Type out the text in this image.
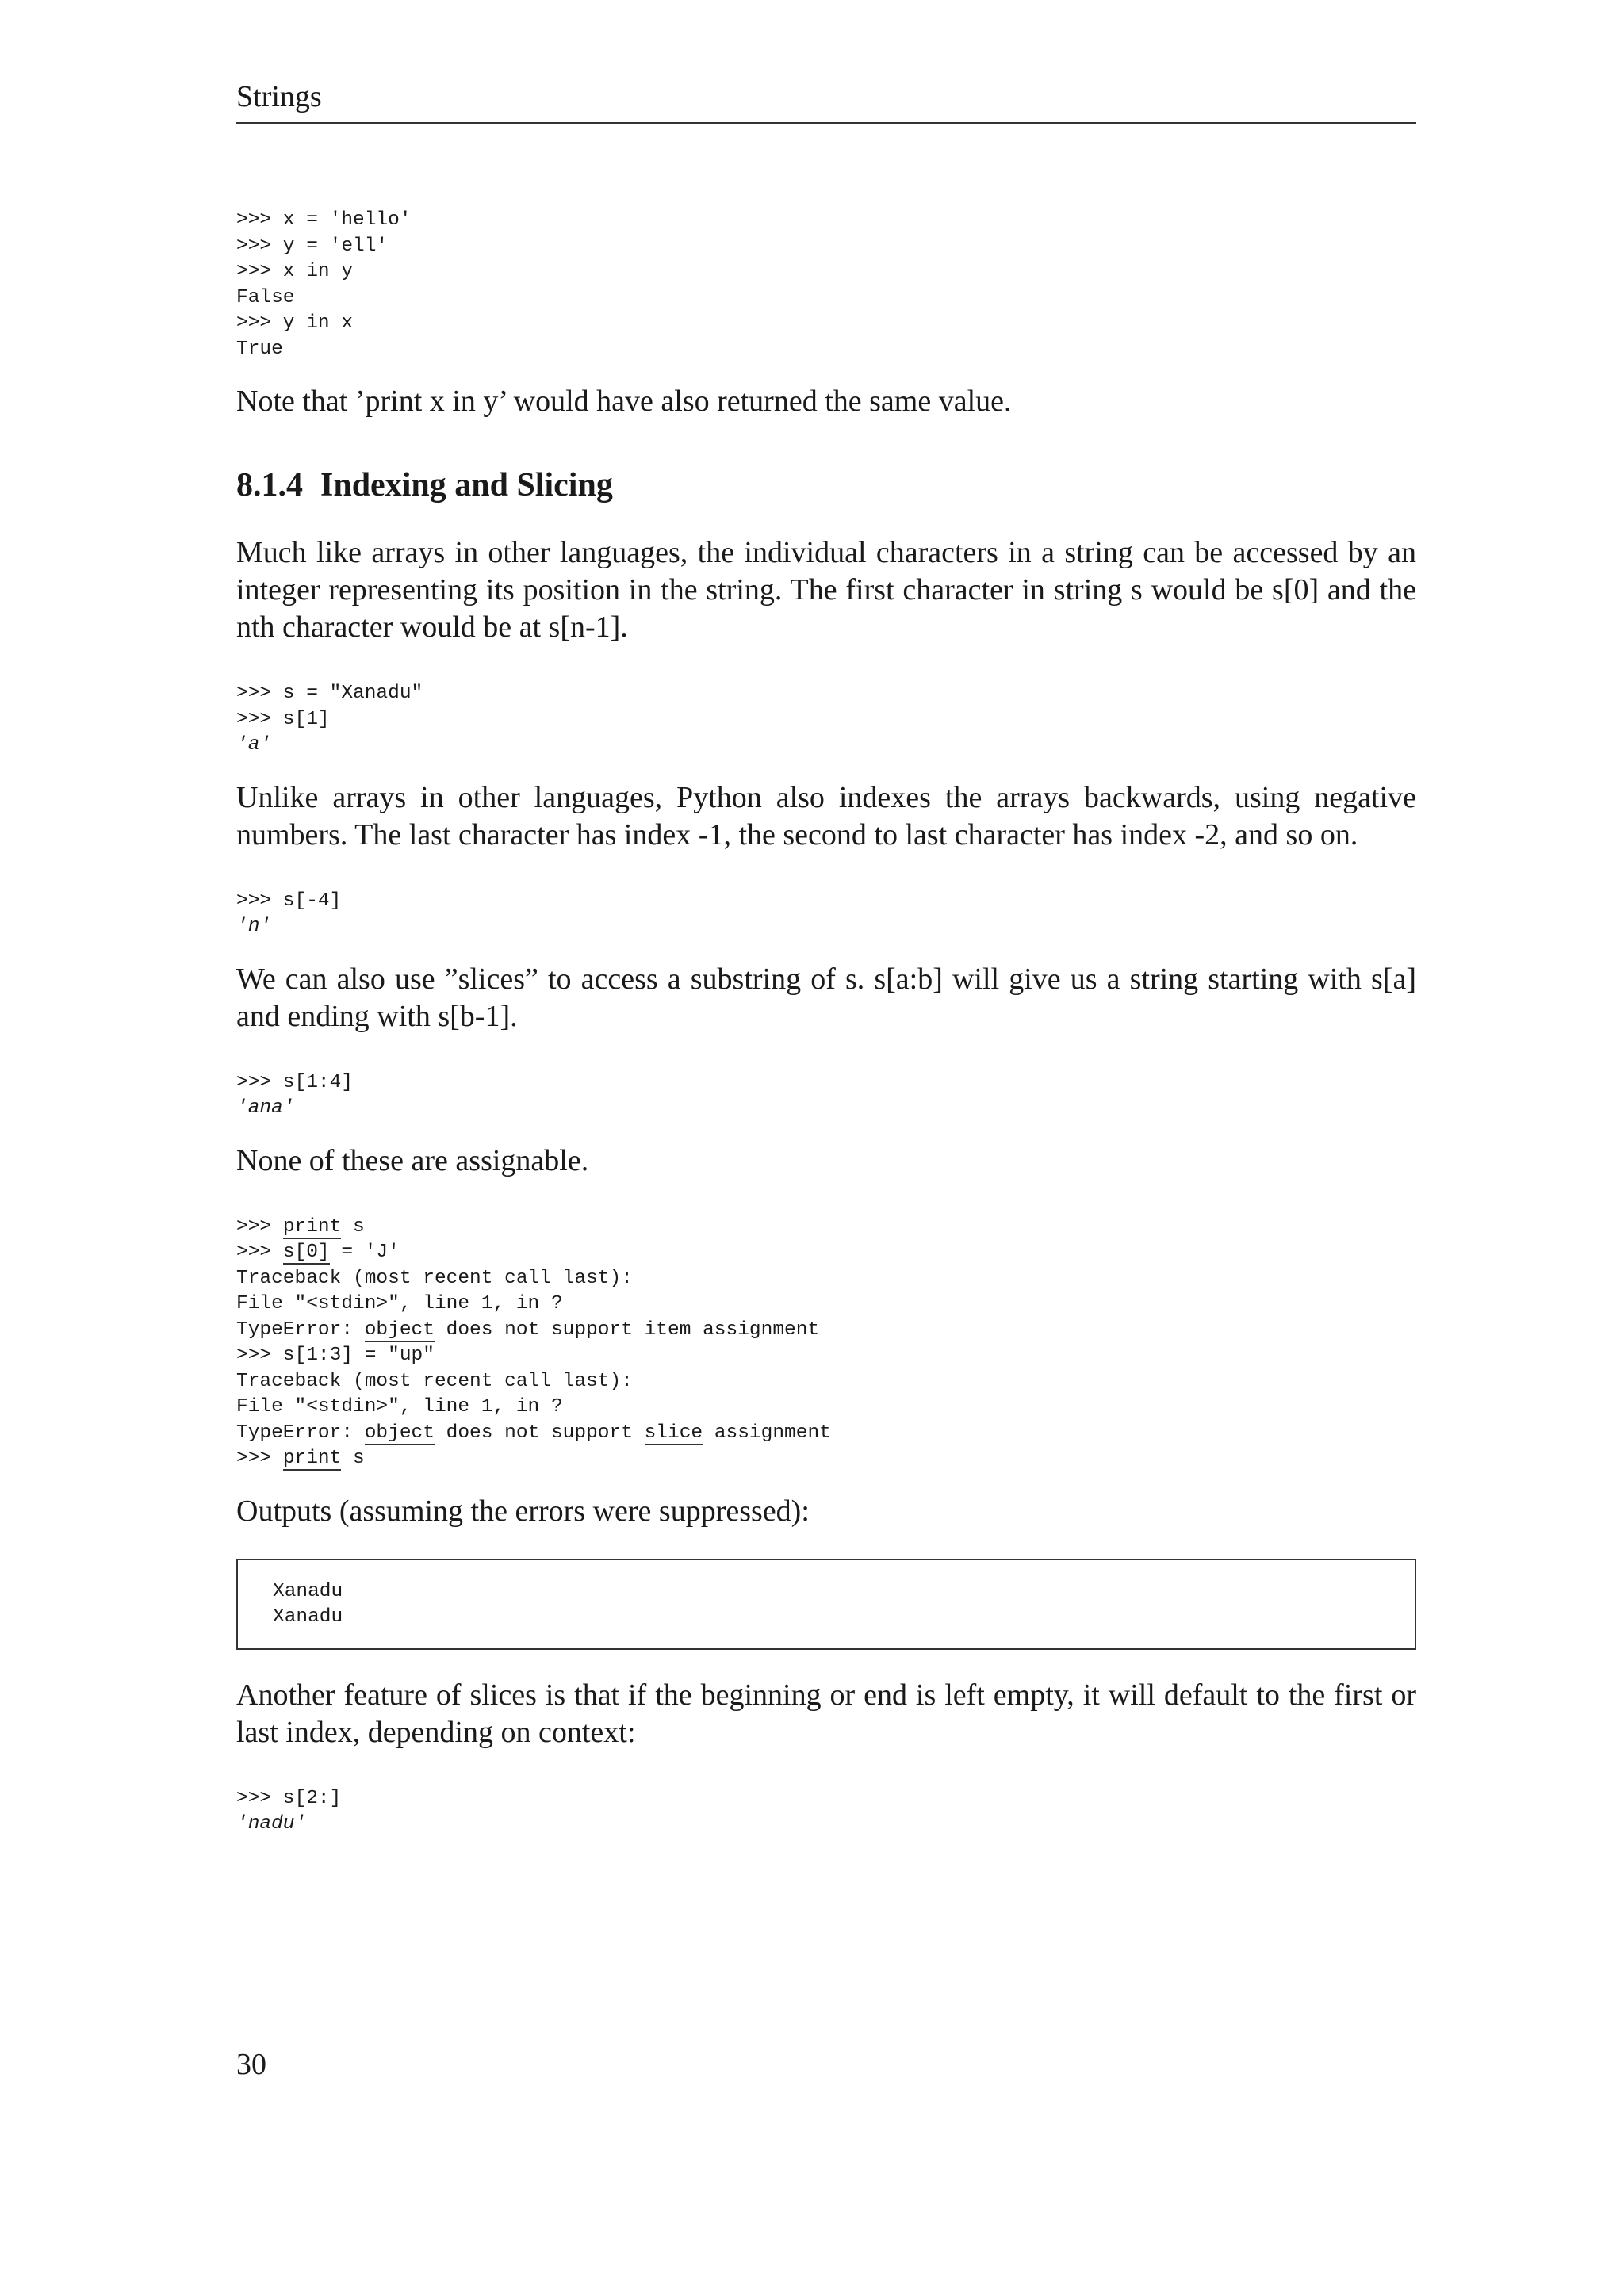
Strings
>>> x = 'hello'
>>> y = 'ell'
>>> x in y
False
>>> y in x
True

Note that ’print x in y’ would have also returned the same value.

8.1.4 Indexing and Slicing

Much like arrays in other languages, the individual characters in a string can be accessed by an integer representing its position in the string. The first character in string s would be s[0] and the nth character would be at s[n-1].

>>> s = "Xanadu"
>>> s[1]
'a'

Unlike arrays in other languages, Python also indexes the arrays backwards, using negative numbers. The last character has index -1, the second to last character has index -2, and so on.

>>> s[-4]
'n'

We can also use ”slices” to access a substring of s. s[a:b] will give us a string starting with s[a] and ending with s[b-1].

>>> s[1:4]
'ana'

None of these are assignable.

>>> print s
>>> s[0] = 'J'
Traceback (most recent call last):
File "<stdin>", line 1, in ?
TypeError: object does not support item assignment
>>> s[1:3] = "up"
Traceback (most recent call last):
File "<stdin>", line 1, in ?
TypeError: object does not support slice assignment
>>> print s

Outputs (assuming the errors were suppressed):

Xanadu
Xanadu

Another feature of slices is that if the beginning or end is left empty, it will default to the first or last index, depending on context:

>>> s[2:]
'nadu'
30
